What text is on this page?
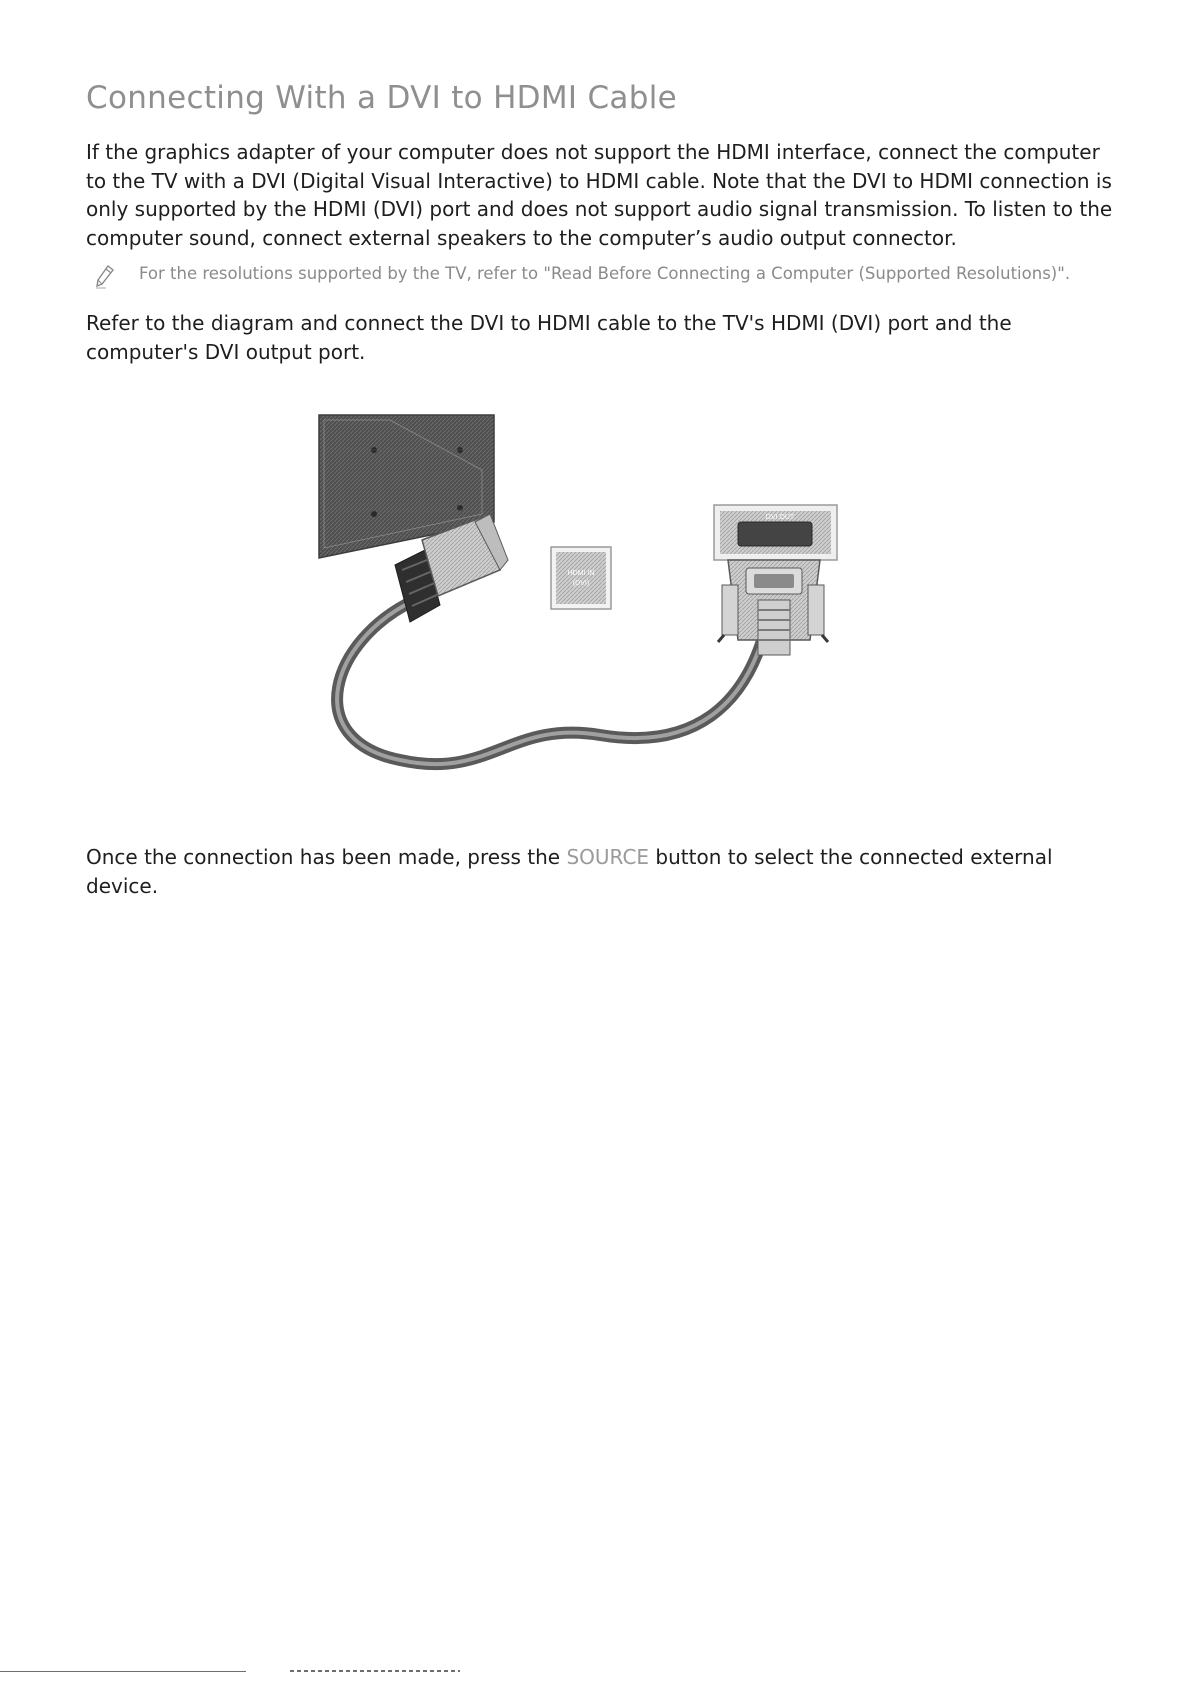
Connecting With a DVI to HDMI Cable

If the graphics adapter of your computer does not support the HDMI interface, connect the computer to the TV with a DVI (Digital Visual Interactive) to HDMI cable. Note that the DVI to HDMI connection is only supported by the HDMI (DVI) port and does not support audio signal transmission. To listen to the computer sound, connect external speakers to the computer’s audio output connector.

For the resolutions supported by the TV, refer to "Read Before Connecting a Computer (Supported Resolutions)".

Refer to the diagram and connect the DVI to HDMI cable to the TV's HDMI (DVI) port and the computer's DVI output port.

HDMI IN
(DVI)
DVI OUT

Once the connection has been made, press the SOURCE button to select the connected external device.
